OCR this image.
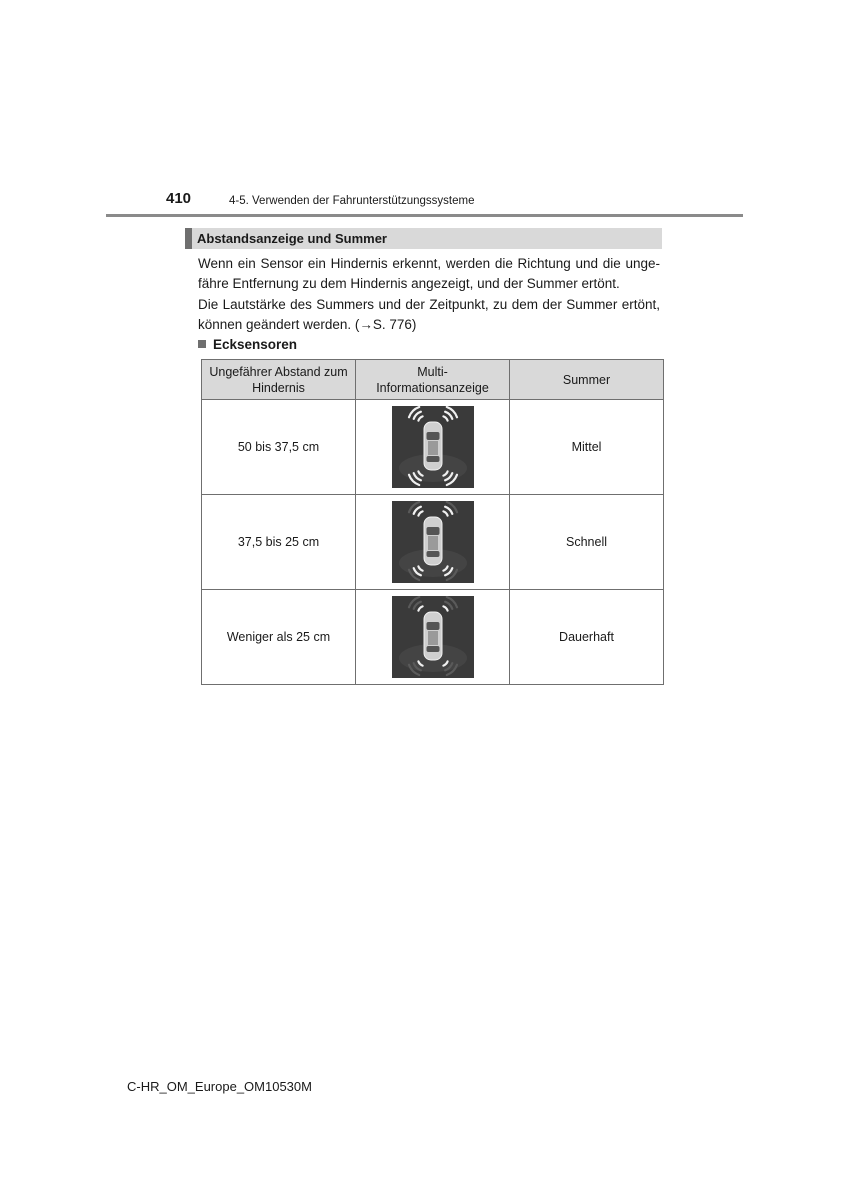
410	4-5. Verwenden der Fahrunterstützungssysteme
Abstandsanzeige und Summer
Wenn ein Sensor ein Hindernis erkennt, werden die Richtung und die unge-
fähre Entfernung zu dem Hindernis angezeigt, und der Summer ertönt.
Die Lautstärke des Summers und der Zeitpunkt, zu dem der Summer ertönt,
können geändert werden. (→S. 776)
Ecksensoren
Ungefährer Abstand zum Hindernis	Multi-Informationsanzeige	Summer
50 bis 37,5 cm		Mittel
37,5 bis 25 cm		Schnell
Weniger als 25 cm		Dauerhaft
C-HR_OM_Europe_OM10530M
